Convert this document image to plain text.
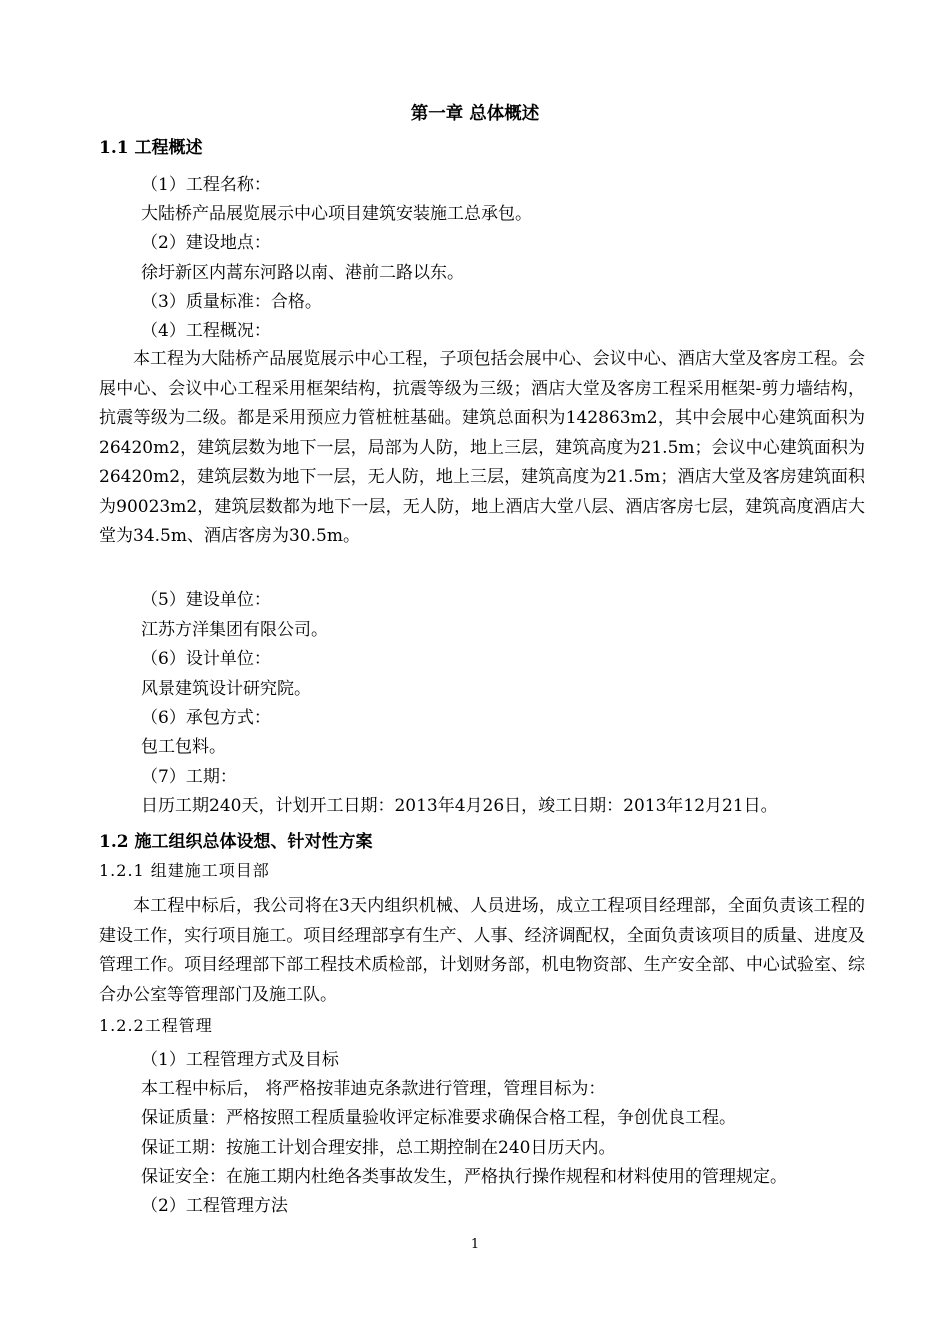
第一章 总体概述
1.1 工程概述
（1）工程名称：
大陆桥产品展览展示中心项目建筑安装施工总承包。
（2）建设地点：
徐圩新区内蒿东河路以南、港前二路以东。
（3）质量标准：合格。
（4）工程概况：
本工程为大陆桥产品展览展示中心工程，子项包括会展中心、会议中心、酒店大堂及客房工程。会展中心、会议中心工程采用框架结构，抗震等级为三级；酒店大堂及客房工程采用框架-剪力墙结构，抗震等级为二级。都是采用预应力管桩桩基础。建筑总面积为142863m2，其中会展中心建筑面积为26420m2，建筑层数为地下一层，局部为人防，地上三层，建筑高度为21.5m；会议中心建筑面积为26420m2，建筑层数为地下一层，无人防，地上三层，建筑高度为21.5m；酒店大堂及客房建筑面积为90023m2，建筑层数都为地下一层，无人防，地上酒店大堂八层、酒店客房七层，建筑高度酒店大堂为34.5m、酒店客房为30.5m。
（5）建设单位：
江苏方洋集团有限公司。
（6）设计单位：
风景建筑设计研究院。
（6）承包方式：
包工包料。
（7）工期：
日历工期240天，计划开工日期：2013年4月26日，竣工日期：2013年12月21日。
1.2 施工组织总体设想、针对性方案
1.2.1 组建施工项目部
本工程中标后，我公司将在3天内组织机械、人员进场，成立工程项目经理部，全面负责该工程的建设工作，实行项目施工。项目经理部享有生产、人事、经济调配权，全面负责该项目的质量、进度及管理工作。项目经理部下部工程技术质检部，计划财务部，机电物资部、生产安全部、中心试验室、综合办公室等管理部门及施工队。
1.2.2工程管理
（1）工程管理方式及目标
本工程中标后， 将严格按菲迪克条款进行管理，管理目标为：
保证质量：严格按照工程质量验收评定标准要求确保合格工程，争创优良工程。
保证工期：按施工计划合理安排，总工期控制在240日历天内。
保证安全：在施工期内杜绝各类事故发生，严格执行操作规程和材料使用的管理规定。
（2）工程管理方法
1
